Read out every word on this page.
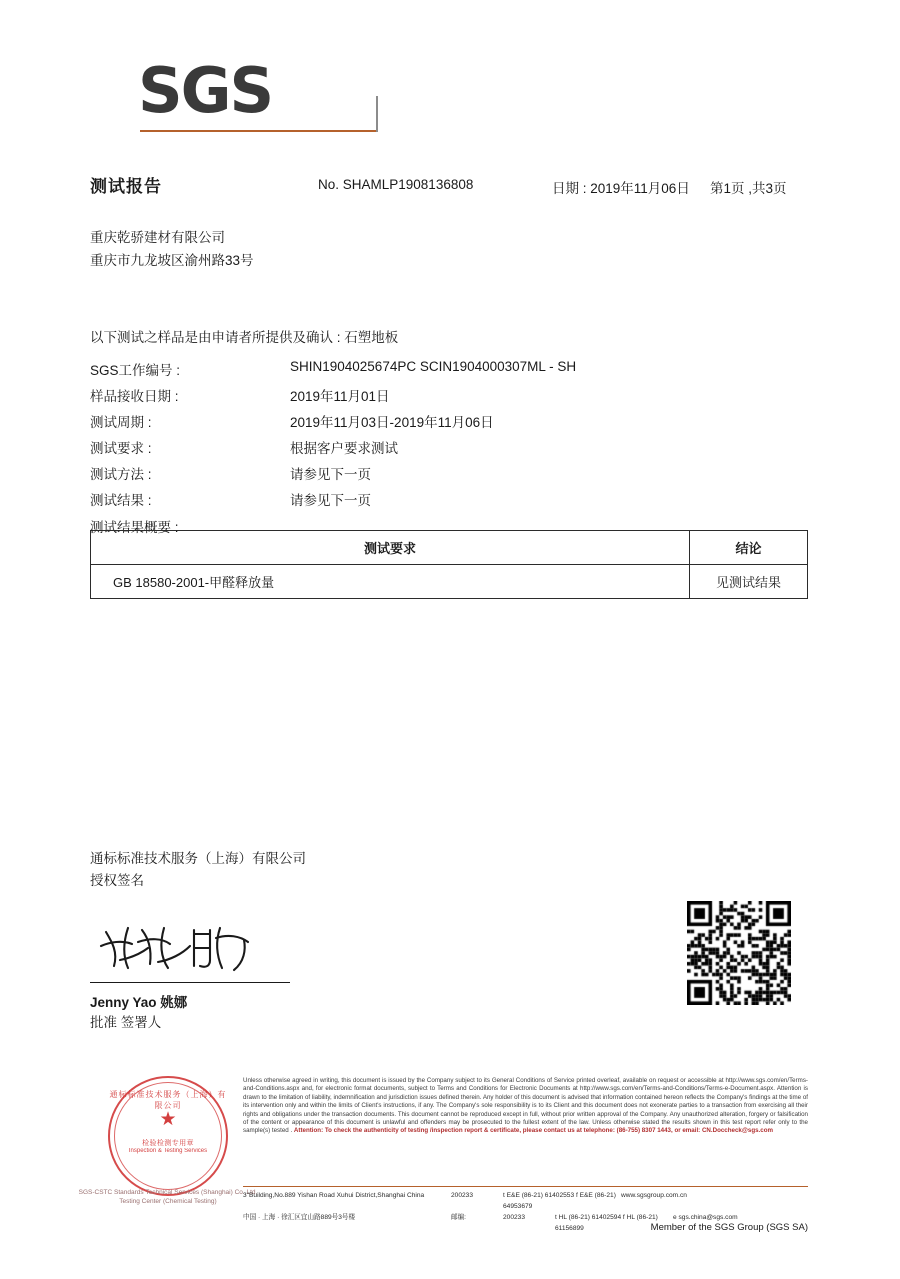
SGS
测试报告	No. SHAMLP1908136808	日期 : 2019年11月06日 第1页 ,共3页
重庆乾骄建材有限公司
重庆市九龙坡区渝州路33号
以下测试之样品是由申请者所提供及确认 : 石塑地板
SGS工作编号 :	SHIN1904025674PC SCIN1904000307ML - SH
样品接收日期 :	2019年11月01日
测试周期 :	2019年11月03日-2019年11月06日
测试要求 :	根据客户要求测试
测试方法 :	请参见下一页
测试结果 :	请参见下一页
测试结果概要 :
测试要求	结论
GB 18580-2001-甲醛释放量	见测试结果
通标标准技术服务（上海）有限公司
授权签名
Jenny Yao 姚娜
批准 签署人
通标标准技术服务（上海）有限公司
★
检验检测专用章
Inspection & Testing Services
SGS-CSTC Standards Technical Services (Shanghai) Co.,Ltd. Testing Center (Chemical Testing)
Unless otherwise agreed in writing, this document is issued by the Company subject to its General Conditions of Service printed overleaf, available on request or accessible at http://www.sgs.com/en/Terms-and-Conditions.aspx and, for electronic format documents, subject to Terms and Conditions for Electronic Documents at http://www.sgs.com/en/Terms-and-Conditions/Terms-e-Document.aspx. Attention is drawn to the limitation of liability, indemnification and jurisdiction issues defined therein. Any holder of this document is advised that information contained hereon reflects the Company's findings at the time of its intervention only and within the limits of Client's instructions, if any. The Company's sole responsibility is to its Client and this document does not exonerate parties to a transaction from exercising all their rights and obligations under the transaction documents. This document cannot be reproduced except in full, without prior written approval of the Company. Any unauthorized alteration, forgery or falsification of the content or appearance of this document is unlawful and offenders may be prosecuted to the fullest extent of the law. Unless otherwise stated the results shown in this test report refer only to the sample(s) tested . Attention: To check the authenticity of testing /inspection report & certificate, please contact us at telephone: (86-755) 8307 1443, or email: CN.Doccheck@sgs.com
3"Building,No.889 Yishan Road Xuhui District,Shanghai China	200233	t E&E (86-21) 61402553 f E&E (86-21) 64953679
www.sgsgroup.com.cn
中国 · 上海 · 徐汇区宜山路889号3号楼	邮编:	200233	t HL (86-21) 61402594 f HL (86-21) 61156899
e sgs.china@sgs.com
Member of the SGS Group (SGS SA)
